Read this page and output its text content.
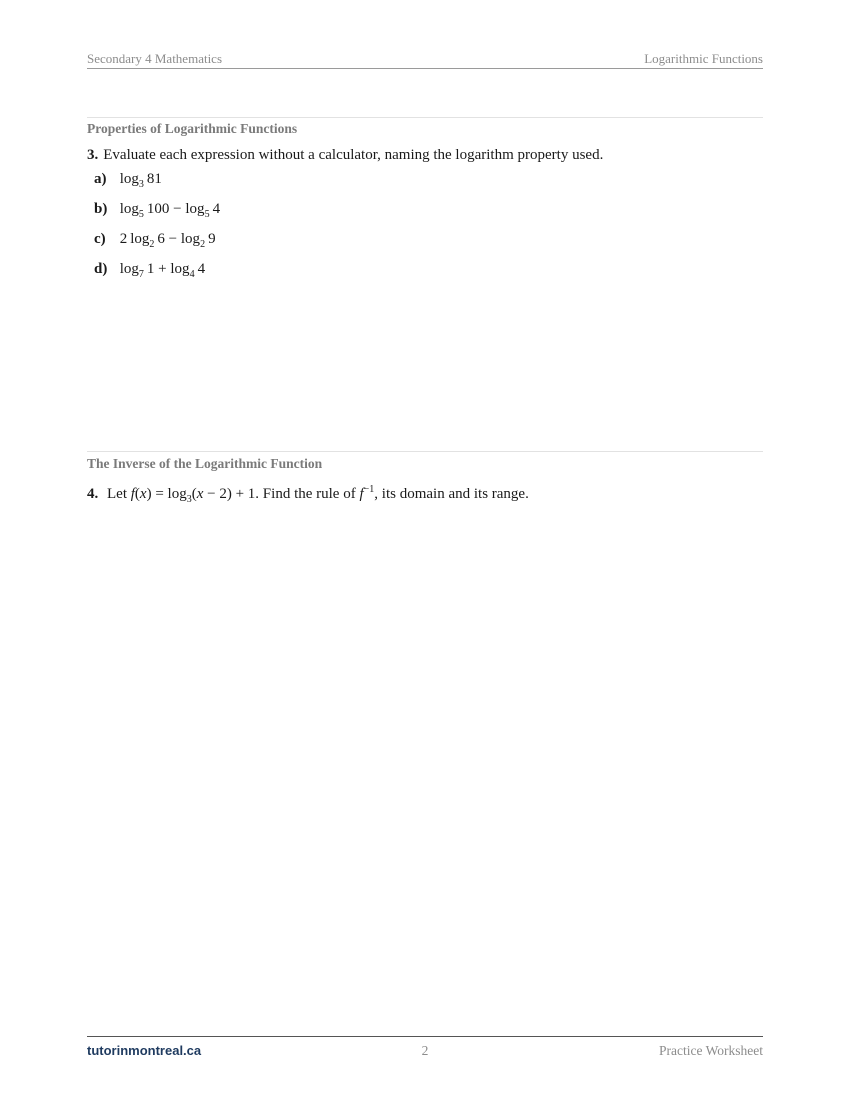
Secondary 4 Mathematics	Logarithmic Functions
Properties of Logarithmic Functions
3. Evaluate each expression without a calculator, naming the logarithm property used.
a) $\log_3 81$
b) $\log_5 100 - \log_5 4$
c) 2 $\log_2 6 - \log_2 9$
d) $\log_7 1 + \log_4 4$
The Inverse of the Logarithmic Function
4. Let $f(x) = \log_3(x - 2) + 1$. Find the rule of $f^{-1}$, its domain and its range.
tutorinmontreal.ca	2	Practice Worksheet
